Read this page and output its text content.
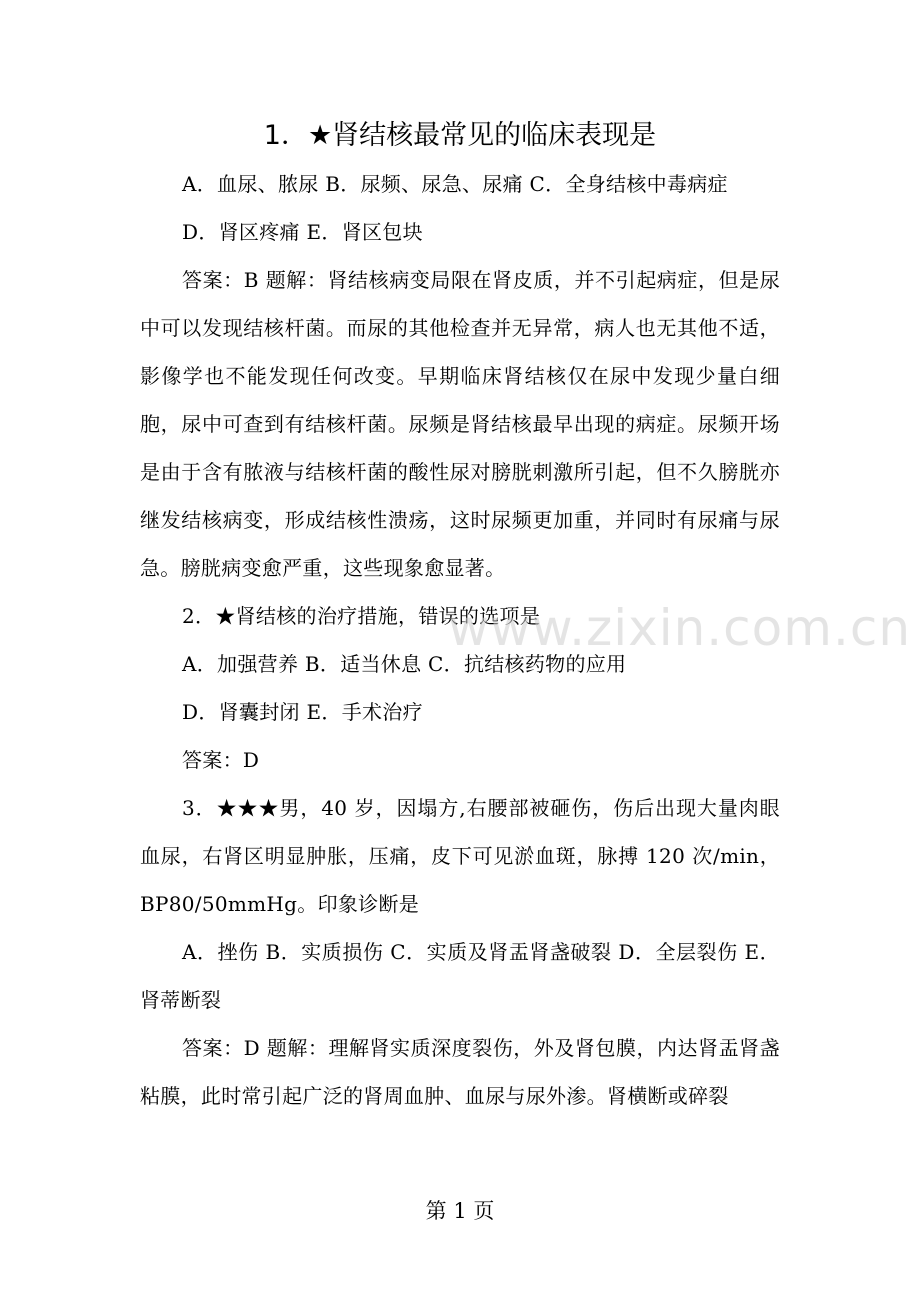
1．★肾结核最常见的临床表现是

A．血尿、脓尿 B．尿频、尿急、尿痛 C．全身结核中毒病症

D．肾区疼痛 E．肾区包块

答案：B 题解：肾结核病变局限在肾皮质，并不引起病症，但是尿中可以发现结核杆菌。而尿的其他检查并无异常，病人也无其他不适，影像学也不能发现任何改变。早期临床肾结核仅在尿中发现少量白细胞，尿中可查到有结核杆菌。尿频是肾结核最早出现的病症。尿频开场是由于含有脓液与结核杆菌的酸性尿对膀胱刺激所引起，但不久膀胱亦继发结核病变，形成结核性溃疡，这时尿频更加重，并同时有尿痛与尿急。膀胱病变愈严重，这些现象愈显著。

2．★肾结核的治疗措施，错误的选项是

A．加强营养 B．适当休息 C．抗结核药物的应用

D．肾囊封闭 E．手术治疗

答案：D

3．★★★男，40 岁，因塌方,右腰部被砸伤，伤后出现大量肉眼血尿，右肾区明显肿胀，压痛，皮下可见淤血斑，脉搏 120 次/min，BP80/50mmHg。印象诊断是

A．挫伤 B．实质损伤 C．实质及肾盂肾盏破裂 D．全层裂伤 E．肾蒂断裂

答案：D 题解：理解肾实质深度裂伤，外及肾包膜，内达肾盂肾盏粘膜，此时常引起广泛的肾周血肿、血尿与尿外渗。肾横断或碎裂

www.zixin.com.cn
第 1 页
